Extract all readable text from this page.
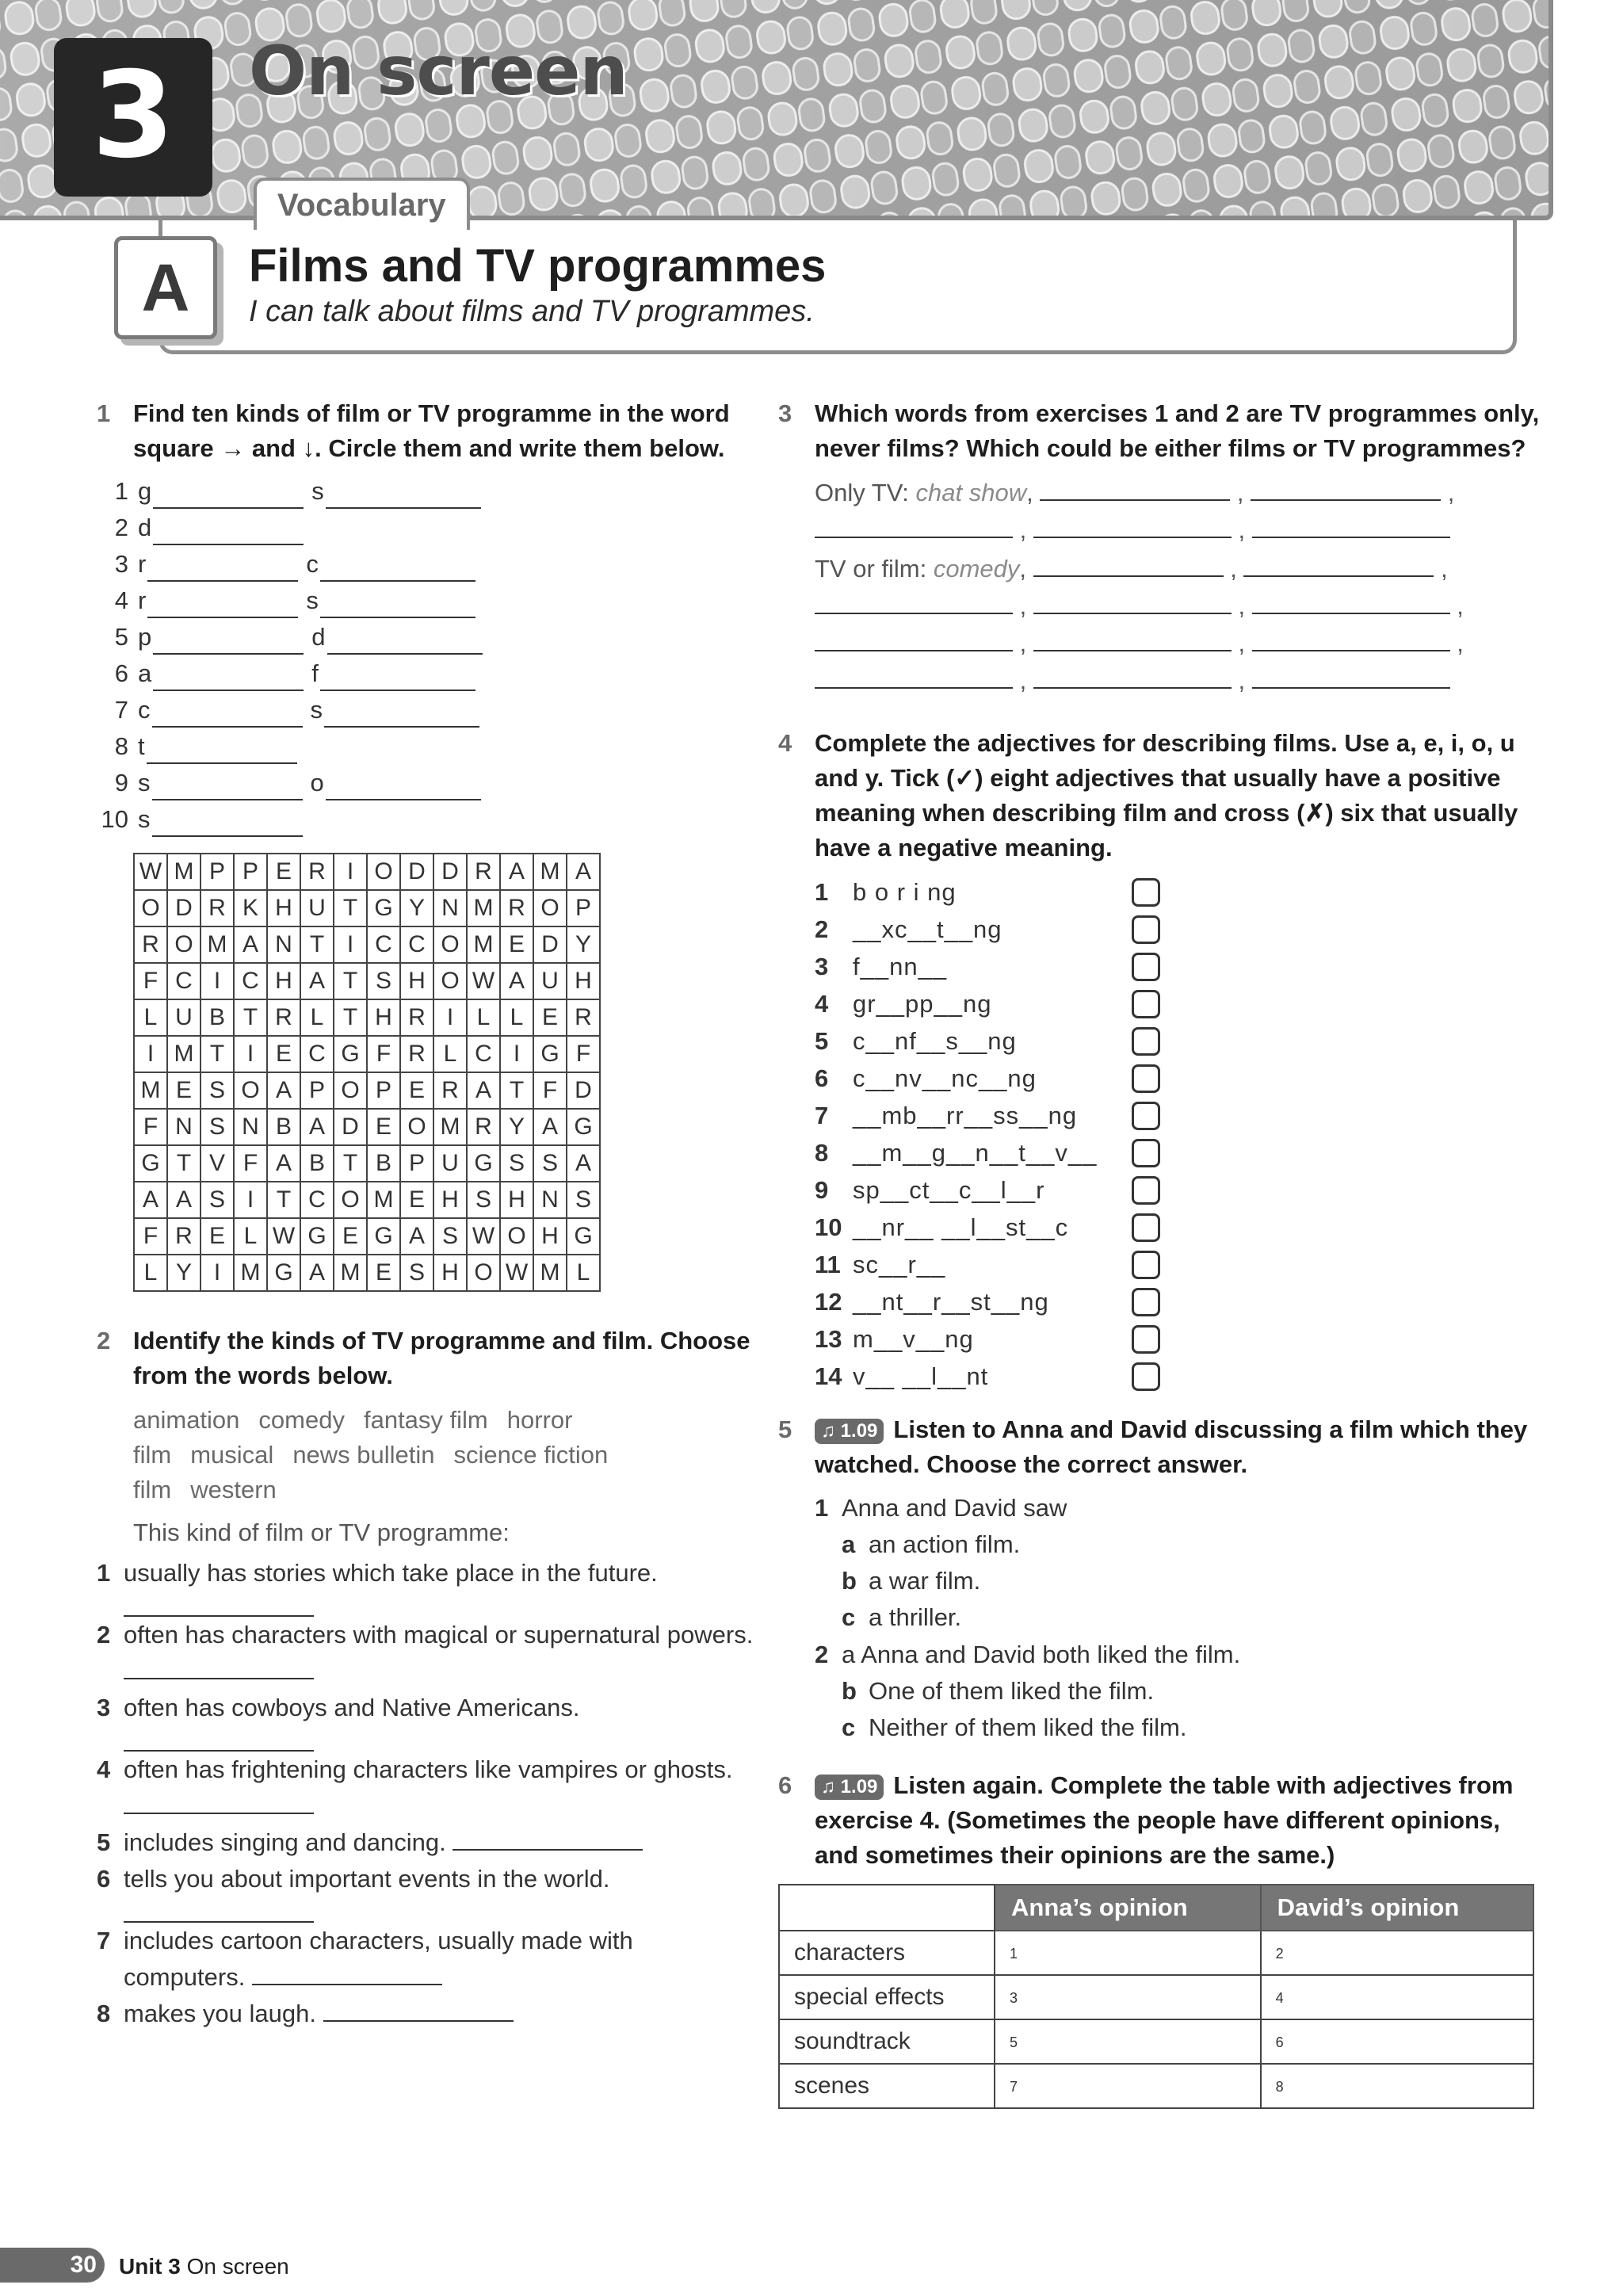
3	On screen
Vocabulary
A	Films and TV programmes
I can talk about films and TV programmes.
1 Find ten kinds of film or TV programme in the word square → and ↓. Circle them and write them below.
1 g	s
2 d
3 r	c
4 r	s
5 p	d
6 a	f
7 c	s
8 t
9 s	o
10 s
W	M	P	P	E	R	I	O	D	D	R	A	M	A
O	D	R	K	H	U	T	G	Y	N	M	R	O	P
R	O	M	A	N	T	I	C	C	O	M	E	D	Y
F	C	I	C	H	A	T	S	H	O	W	A	U	H
L	U	B	T	R	L	T	H	R	I	L	L	E	R
I	M	T	I	E	C	G	F	R	L	C	I	G	F
M	E	S	O	A	P	O	P	E	R	A	T	F	D
F	N	S	N	B	A	D	E	O	M	R	Y	A	G
G	T	V	F	A	B	T	B	P	U	G	S	S	A
A	A	S	I	T	C	O	M	E	H	S	H	N	S
F	R	E	L	W	G	E	G	A	S	W	O	H	G
L	Y	I	M	G	A	M	E	S	H	O	W	M	L
2 Identify the kinds of TV programme and film. Choose from the words below.
animation comedy fantasy film horror film musical news bulletin science fiction film western
This kind of film or TV programme:
1 usually has stories which take place in the future.
2 often has characters with magical or supernatural powers.
3 often has cowboys and Native Americans.
4 often has frightening characters like vampires or ghosts.
5 includes singing and dancing.
6 tells you about important events in the world.
7 includes cartoon characters, usually made with computers.
8 makes you laugh.
3 Which words from exercises 1 and 2 are TV programmes only, never films? Which could be either films or TV programmes?
Only TV: chat show,	,	,
,	,
TV or film: comedy,	,	,
,	,	,
,	,	,
,	,
4 Complete the adjectives for describing films. Use a, e, i, o, u and y. Tick (✓) eight adjectives that usually have a positive meaning when describing film and cross (✗) six that usually have a negative meaning.
1 b o r i ng
2 __xc__t__ng
3 f__nn__
4 gr__pp__ng
5 c__nf__s__ng
6 c__nv__nc__ng
7 __mb__rr__ss__ng
8 __m__g__n__t__v__
9 sp__ct__c__l__r
10 __nr__ __l__st__c
11 sc__r__
12 __nt__r__st__ng
13 m__v__ng
14 v__ __l__nt
5	♫ 1.09 Listen to Anna and David discussing a film which they watched. Choose the correct answer.
1 Anna and David saw
a an action film.
b a war film.
c a thriller.
2 a Anna and David both liked the film.
b One of them liked the film.
c Neither of them liked the film.
6	♫ 1.09 Listen again. Complete the table with adjectives from exercise 4. (Sometimes the people have different opinions, and sometimes their opinions are the same.)
	Anna’s opinion	David’s opinion
characters	1	2
special effects	3	4
soundtrack	5	6
scenes	7	8
30	Unit 3 On screen
